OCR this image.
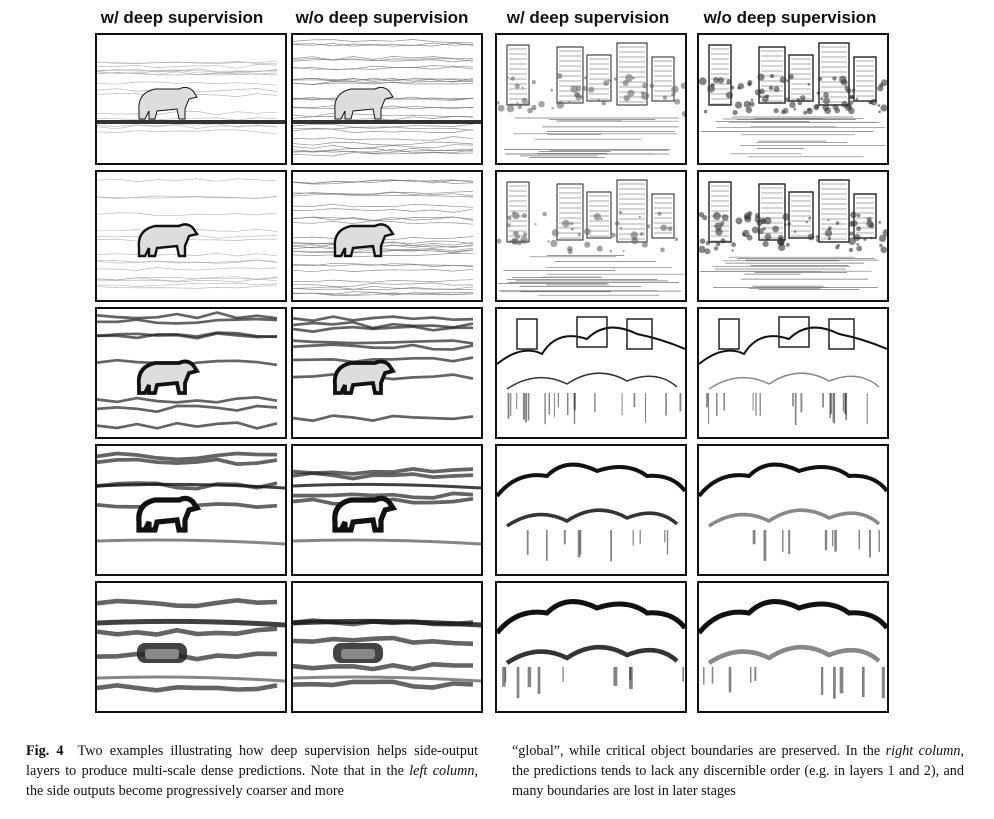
w/ deep supervision	w/o deep supervision	w/ deep supervision	w/o deep supervision
Fig. 4 Two examples illustrating how deep supervision helps side-output layers to produce multi-scale dense predictions. Note that in the left column, the side outputs become progressively coarser and more
“global”, while critical object boundaries are preserved. In the right column, the predictions tends to lack any discernible order (e.g. in layers 1 and 2), and many boundaries are lost in later stages
